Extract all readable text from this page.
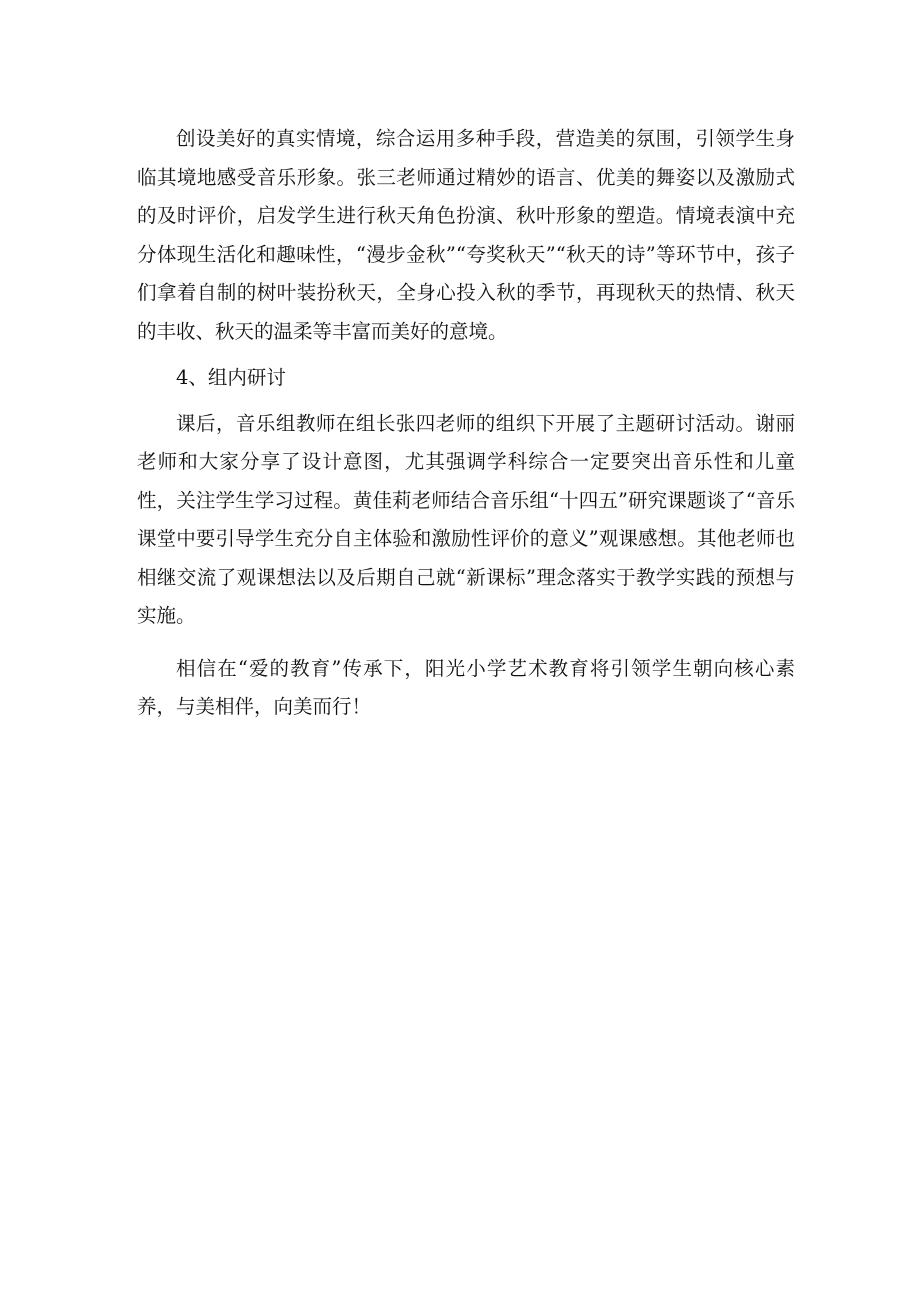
创设美好的真实情境，综合运用多种手段，营造美的氛围，引领学生身临其境地感受音乐形象。张三老师通过精妙的语言、优美的舞姿以及激励式的及时评价，启发学生进行秋天角色扮演、秋叶形象的塑造。情境表演中充分体现生活化和趣味性，“漫步金秋”“夸奖秋天”“秋天的诗”等环节中，孩子们拿着自制的树叶装扮秋天，全身心投入秋的季节，再现秋天的热情、秋天的丰收、秋天的温柔等丰富而美好的意境。

4、组内研讨

课后，音乐组教师在组长张四老师的组织下开展了主题研讨活动。谢丽老师和大家分享了设计意图，尤其强调学科综合一定要突出音乐性和儿童性，关注学生学习过程。黄佳莉老师结合音乐组“十四五”研究课题谈了“音乐课堂中要引导学生充分自主体验和激励性评价的意义”观课感想。其他老师也相继交流了观课想法以及后期自己就“新课标”理念落实于教学实践的预想与实施。

相信在“爱的教育”传承下，阳光小学艺术教育将引领学生朝向核心素养，与美相伴，向美而行！
